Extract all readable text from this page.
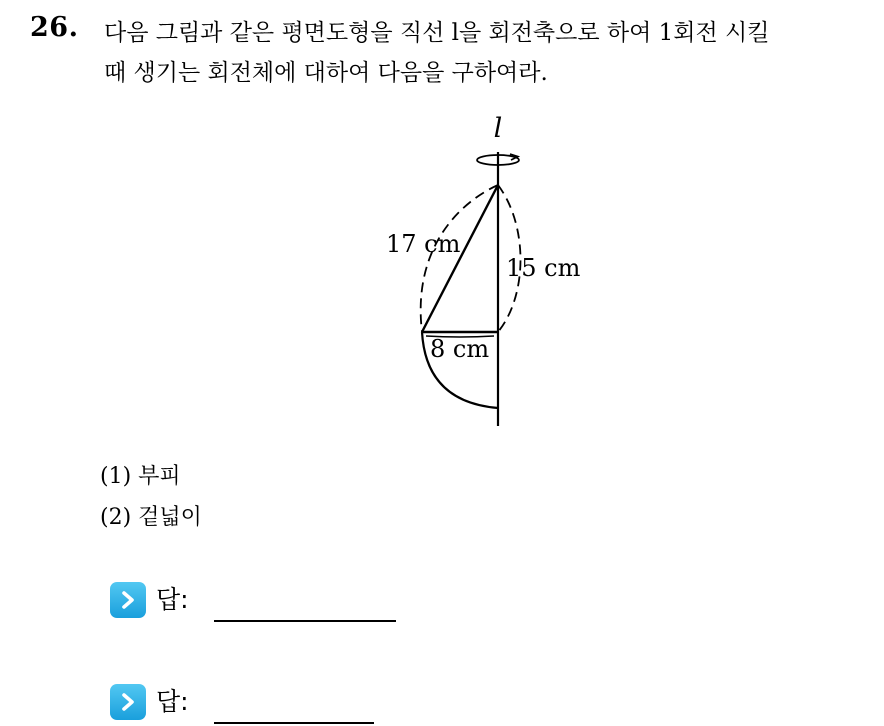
26. 다음 그림과 같은 평면도형을 직선 l을 회전축으로 하여 1회전 시킬
때 생기는 회전체에 대하여 다음을 구하여라.
l
17 cm
15 cm
8 cm
(1) 부피
(2) 겉넓이
답:
답:
